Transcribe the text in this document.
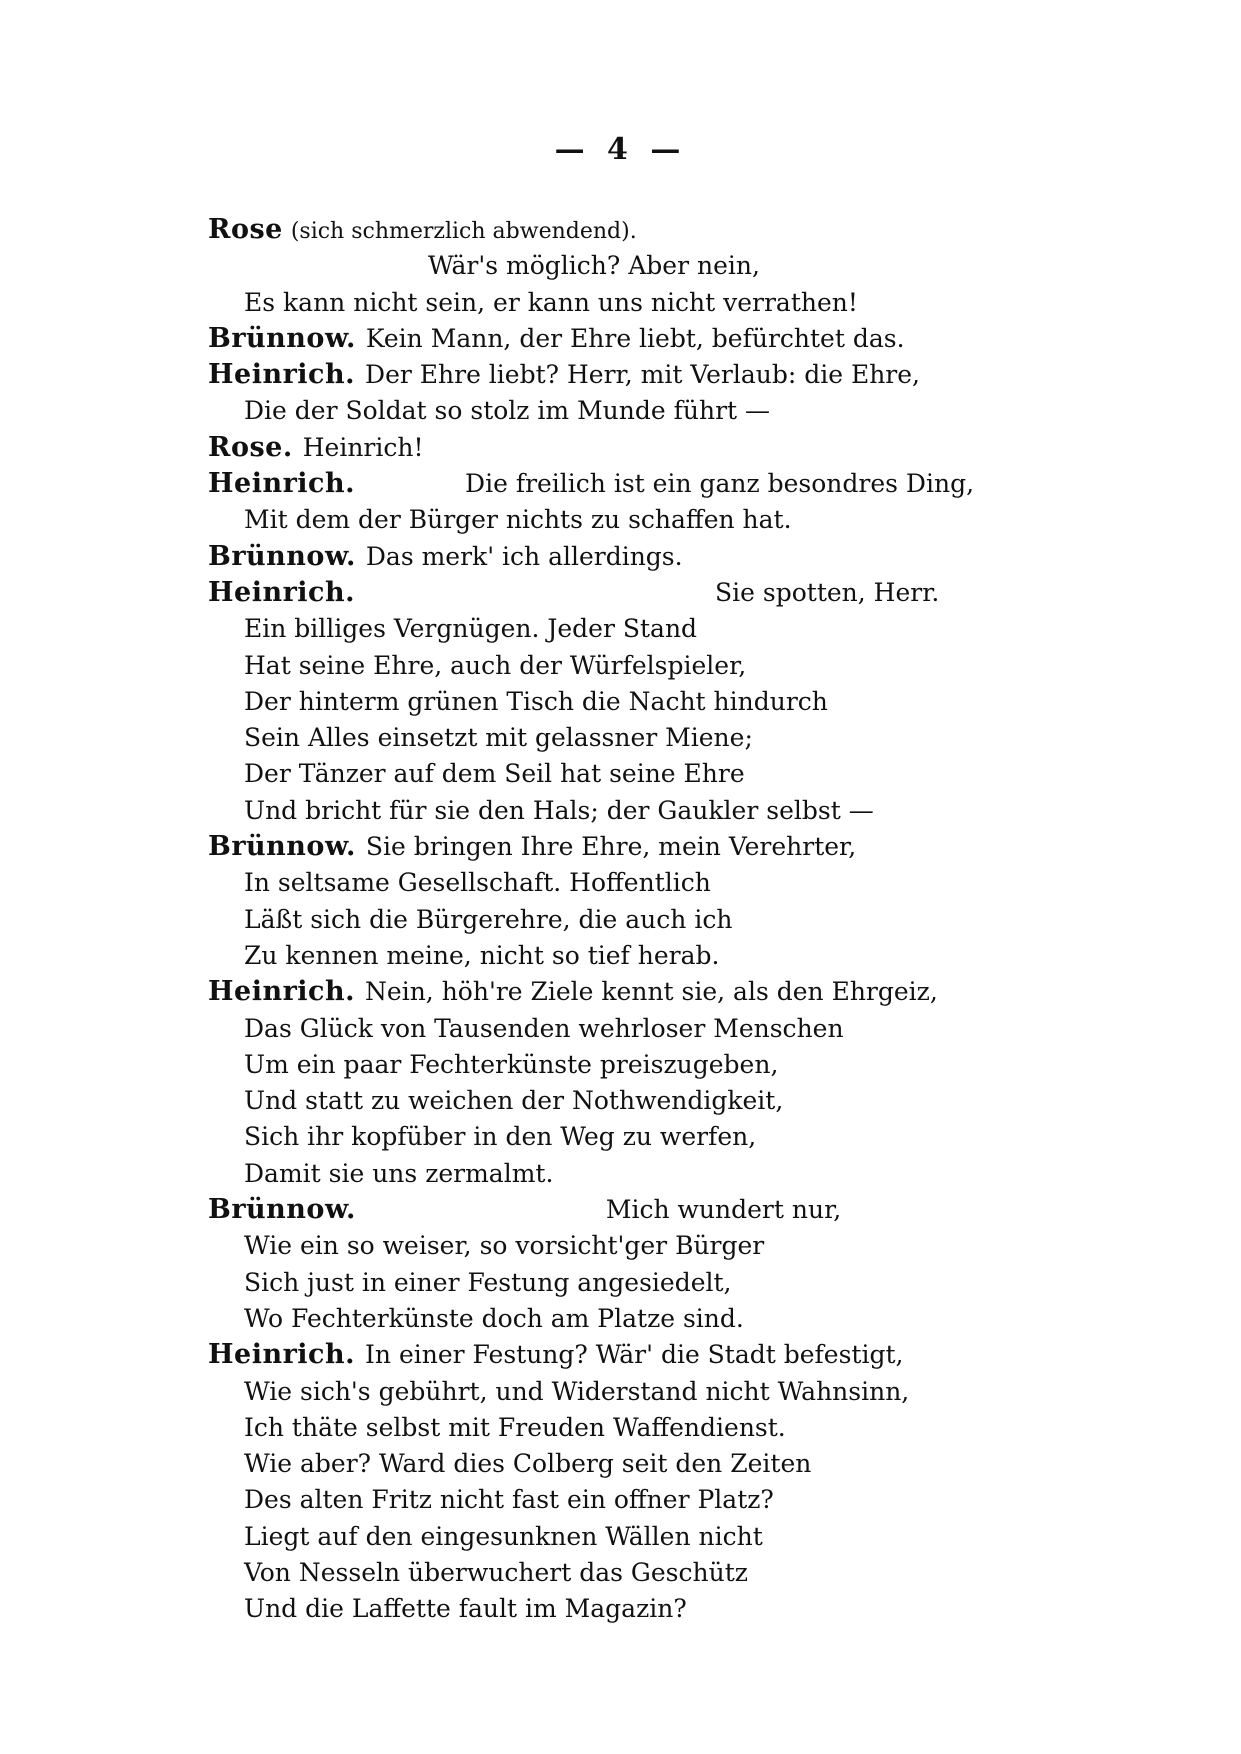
— 4 —
Rose (sich schmerzlich abwendend).
Wär's möglich? Aber nein,
Es kann nicht sein, er kann uns nicht verrathen!
Brünnow. Kein Mann, der Ehre liebt, befürchtet das.
Heinrich. Der Ehre liebt? Herr, mit Verlaub: die Ehre,
Die der Soldat so stolz im Munde führt —
Rose. Heinrich!
Heinrich.	Die freilich ist ein ganz besondres Ding,
Mit dem der Bürger nichts zu schaffen hat.
Brünnow. Das merk' ich allerdings.
Heinrich.	Sie spotten, Herr.
Ein billiges Vergnügen. Jeder Stand
Hat seine Ehre, auch der Würfelspieler,
Der hinterm grünen Tisch die Nacht hindurch
Sein Alles einsetzt mit gelassner Miene;
Der Tänzer auf dem Seil hat seine Ehre
Und bricht für sie den Hals; der Gaukler selbst —
Brünnow. Sie bringen Ihre Ehre, mein Verehrter,
In seltsame Gesellschaft. Hoffentlich
Läßt sich die Bürgerehre, die auch ich
Zu kennen meine, nicht so tief herab.
Heinrich. Nein, höh're Ziele kennt sie, als den Ehrgeiz,
Das Glück von Tausenden wehrloser Menschen
Um ein paar Fechterkünste preiszugeben,
Und statt zu weichen der Nothwendigkeit,
Sich ihr kopfüber in den Weg zu werfen,
Damit sie uns zermalmt.
Brünnow.	Mich wundert nur,
Wie ein so weiser, so vorsicht'ger Bürger
Sich just in einer Festung angesiedelt,
Wo Fechterkünste doch am Platze sind.
Heinrich. In einer Festung? Wär' die Stadt befestigt,
Wie sich's gebührt, und Widerstand nicht Wahnsinn,
Ich thäte selbst mit Freuden Waffendienst.
Wie aber? Ward dies Colberg seit den Zeiten
Des alten Fritz nicht fast ein offner Platz?
Liegt auf den eingesunknen Wällen nicht
Von Nesseln überwuchert das Geschütz
Und die Laffette fault im Magazin?
